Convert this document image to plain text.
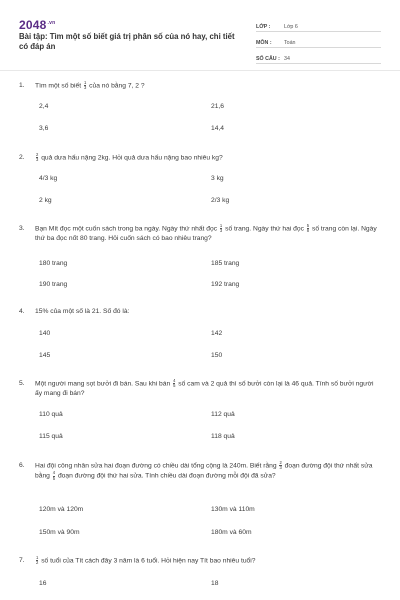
$2048^{.vn}$
Bài tập: Tìm một số biết giá trị phân số của nó hay, chi tiết có đáp án
LỚP :	Lớp 6
MÔN :	Toán
SỐ CÂU : 34
1.	Tìm một số biết $\frac{1}{3}$ của nó bằng 7, 2 ?
2,4	21,6
3,6	14,4
2.	$\frac{2}{3}$ quả dưa hấu nặng 2kg. Hỏi quả dưa hấu nặng bao nhiêu kg?
4/3 kg	3 kg
2 kg	2/3 kg
3.	Bạn Mít đọc một cuốn sách trong ba ngày. Ngày thứ nhất đọc $\frac{1}{3}$ số trang. Ngày thứ hai đọc $\frac{5}{8}$ số trang còn lại. Ngày thứ ba đọc nốt 80 trang. Hỏi cuốn sách có bao nhiêu trang?
180 trang	185 trang
190 trang	192 trang
4.	15% của một số là 21. Số đó là:
140	142
145	150
5.	Một người mang sọt bưởi đi bán. Sau khi bán $\frac{4}{5}$ số cam và 2 quả thì số bưởi còn lại là 46 quả. Tính số bưởi người ấy mang đi bán?
110 quả	112 quả
115 quả	118 quả
6.	Hai đội công nhân sửa hai đoạn đường có chiều dài tổng cộng là 240m. Biết rằng $\frac{2}{3}$ đoạn đường đội thứ nhất sửa bằng $\frac{4}{5}$ đoạn đường đội thứ hai sửa. Tính chiều dài đoạn đường mỗi đội đã sửa?
120m và 120m	130m và 110m
150m và 90m	180m và 60m
7.	$\frac{1}{2}$ số tuổi của Tít cách đây 3 năm là 6 tuổi. Hỏi hiện nay Tít bao nhiêu tuổi?
16	18
